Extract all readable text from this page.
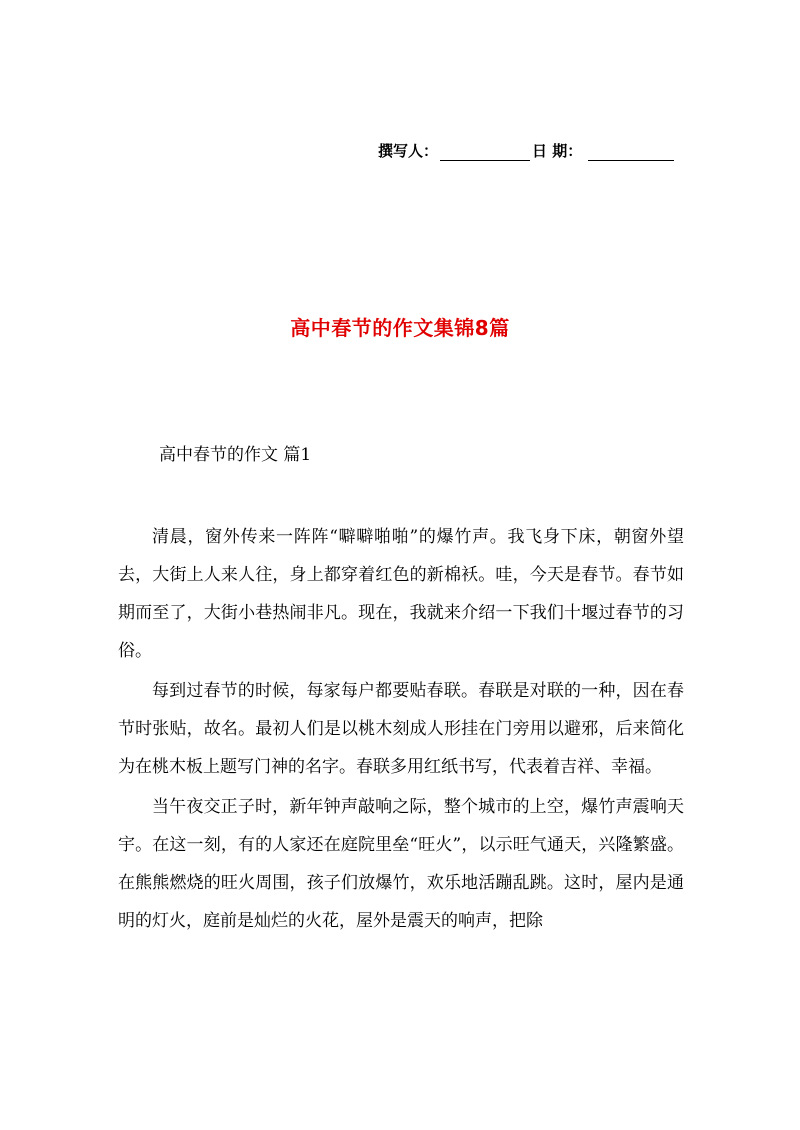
撰写人：	日 期：
高中春节的作文集锦8篇
高中春节的作文 篇1

清晨，窗外传来一阵阵“噼噼啪啪”的爆竹声。我飞身下床，朝窗外望去，大街上人来人往，身上都穿着红色的新棉袄。哇，今天是春节。春节如期而至了，大街小巷热闹非凡。现在，我就来介绍一下我们十堰过春节的习俗。

每到过春节的时候，每家每户都要贴春联。春联是对联的一种，因在春节时张贴，故名。最初人们是以桃木刻成人形挂在门旁用以避邪，后来简化为在桃木板上题写门神的名字。春联多用红纸书写，代表着吉祥、幸福。

当午夜交正子时，新年钟声敲响之际，整个城市的上空，爆竹声震响天宇。在这一刻，有的人家还在庭院里垒“旺火”，以示旺气通天，兴隆繁盛。在熊熊燃烧的旺火周围，孩子们放爆竹，欢乐地活蹦乱跳。这时，屋内是通明的灯火，庭前是灿烂的火花，屋外是震天的响声，把除
